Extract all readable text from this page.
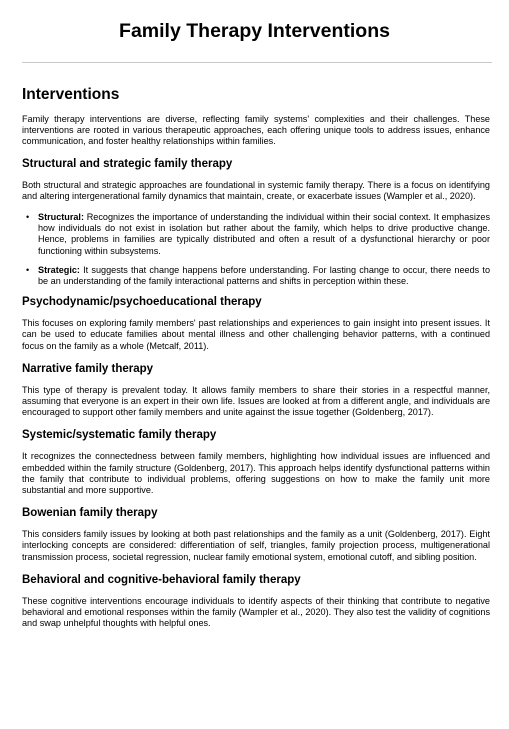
Family Therapy Interventions
Interventions

Family therapy interventions are diverse, reflecting family systems' complexities and their challenges. These interventions are rooted in various therapeutic approaches, each offering unique tools to address issues, enhance communication, and foster healthy relationships within families.

Structural and strategic family therapy

Both structural and strategic approaches are foundational in systemic family therapy. There is a focus on identifying and altering intergenerational family dynamics that maintain, create, or exacerbate issues (Wampler et al., 2020).

• Structural: Recognizes the importance of understanding the individual within their social context. It emphasizes how individuals do not exist in isolation but rather about the family, which helps to drive productive change. Hence, problems in families are typically distributed and often a result of a dysfunctional hierarchy or poor functioning within subsystems.
• Strategic: It suggests that change happens before understanding. For lasting change to occur, there needs to be an understanding of the family interactional patterns and shifts in perception within these.
Psychodynamic/psychoeducational therapy

This focuses on exploring family members' past relationships and experiences to gain insight into present issues. It can be used to educate families about mental illness and other challenging behavior patterns, with a continued focus on the family as a whole (Metcalf, 2011).

Narrative family therapy

This type of therapy is prevalent today. It allows family members to share their stories in a respectful manner, assuming that everyone is an expert in their own life. Issues are looked at from a different angle, and individuals are encouraged to support other family members and unite against the issue together (Goldenberg, 2017).

Systemic/systematic family therapy

It recognizes the connectedness between family members, highlighting how individual issues are influenced and embedded within the family structure (Goldenberg, 2017). This approach helps identify dysfunctional patterns within the family that contribute to individual problems, offering suggestions on how to make the family unit more substantial and more supportive.

Bowenian family therapy

This considers family issues by looking at both past relationships and the family as a unit (Goldenberg, 2017). Eight interlocking concepts are considered: differentiation of self, triangles, family projection process, multigenerational transmission process, societal regression, nuclear family emotional system, emotional cutoff, and sibling position.

Behavioral and cognitive-behavioral family therapy

These cognitive interventions encourage individuals to identify aspects of their thinking that contribute to negative behavioral and emotional responses within the family (Wampler et al., 2020). They also test the validity of cognitions and swap unhelpful thoughts with helpful ones.
